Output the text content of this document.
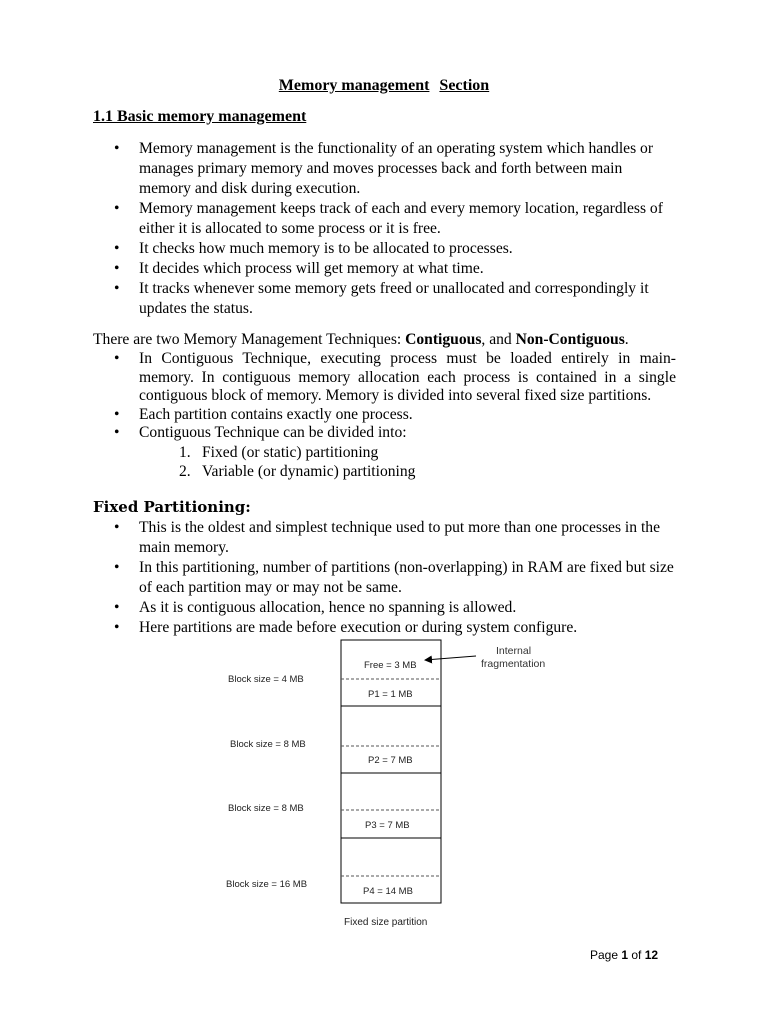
Memory management Section
1.1 Basic memory management
• Memory management is the functionality of an operating system which handles or manages primary memory and moves processes back and forth between main memory and disk during execution.
• Memory management keeps track of each and every memory location, regardless of either it is allocated to some process or it is free.
• It checks how much memory is to be allocated to processes.
• It decides which process will get memory at what time.
• It tracks whenever some memory gets freed or unallocated and correspondingly it updates the status.

There are two Memory Management Techniques: Contiguous, and Non-Contiguous.

• In Contiguous Technique, executing process must be loaded entirely in main-memory. In contiguous memory allocation each process is contained in a single contiguous block of memory. Memory is divided into several fixed size partitions.
• Each partition contains exactly one process.
• Contiguous Technique can be divided into:
1. Fixed (or static) partitioning
2. Variable (or dynamic) partitioning
Fixed Partitioning:
• This is the oldest and simplest technique used to put more than one processes in the main memory.
• In this partitioning, number of partitions (non-overlapping) in RAM are fixed but size of each partition may or may not be same.
• As it is contiguous allocation, hence no spanning is allowed.
• Here partitions are made before execution or during system configure.
Block size = 4 MB
Block size = 8 MB
Block size = 8 MB
Block size = 16 MB
Free = 3 MB
P1 = 1 MB
P2 = 7 MB
P3 = 7 MB
P4 = 14 MB
Internal
fragmentation
Fixed size partition
Page 1 of 12
